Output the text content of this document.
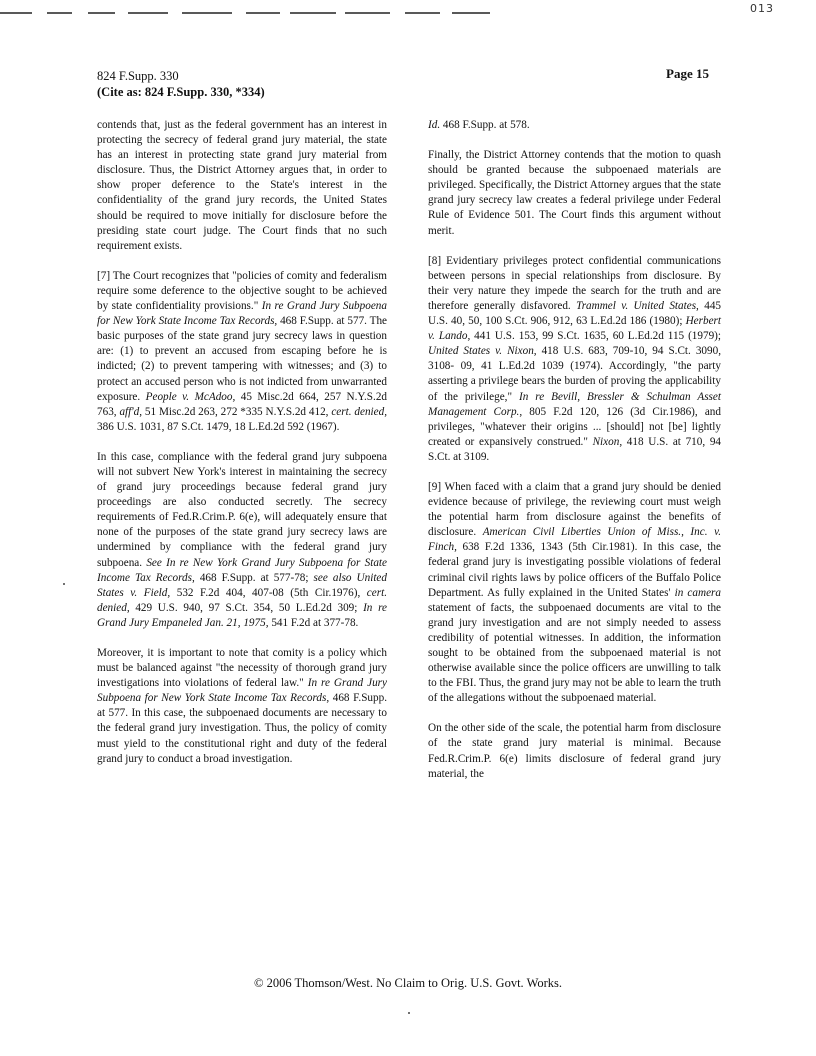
013
824 F.Supp. 330
(Cite as: 824 F.Supp. 330, *334)
Page 15

contends that, just as the federal government has an interest in protecting the secrecy of federal grand jury material, the state has an interest in protecting state grand jury material from disclosure. Thus, the District Attorney argues that, in order to show proper deference to the State's interest in the confidentiality of the grand jury records, the United States should be required to move initially for disclosure before the presiding state court judge. The Court finds that no such requirement exists.

[7] The Court recognizes that "policies of comity and federalism require some deference to the objective sought to be achieved by state confidentiality provisions." In re Grand Jury Subpoena for New York State Income Tax Records, 468 F.Supp. at 577. The basic purposes of the state grand jury secrecy laws in question are: (1) to prevent an accused from escaping before he is indicted; (2) to prevent tampering with witnesses; and (3) to protect an accused person who is not indicted from unwarranted exposure. People v. McAdoo, 45 Misc.2d 664, 257 N.Y.S.2d 763, aff'd, 51 Misc.2d 263, 272 *335 N.Y.S.2d 412, cert. denied, 386 U.S. 1031, 87 S.Ct. 1479, 18 L.Ed.2d 592 (1967).

In this case, compliance with the federal grand jury subpoena will not subvert New York's interest in maintaining the secrecy of grand jury proceedings because federal grand jury proceedings are also conducted secretly. The secrecy requirements of Fed.R.Crim.P. 6(e), will adequately ensure that none of the purposes of the state grand jury secrecy laws are undermined by compliance with the federal grand jury subpoena. See In re New York Grand Jury Subpoena for State Income Tax Records, 468 F.Supp. at 577-78; see also United States v. Field, 532 F.2d 404, 407-08 (5th Cir.1976), cert. denied, 429 U.S. 940, 97 S.Ct. 354, 50 L.Ed.2d 309; In re Grand Jury Empaneled Jan. 21, 1975, 541 F.2d at 377-78.

Moreover, it is important to note that comity is a policy which must be balanced against "the necessity of thorough grand jury investigations into violations of federal law." In re Grand Jury Subpoena for New York State Income Tax Records, 468 F.Supp. at 577. In this case, the subpoenaed documents are necessary to the federal grand jury investigation. Thus, the policy of comity must yield to the constitutional right and duty of the federal grand jury to conduct a broad investigation.

Id. 468 F.Supp. at 578.

Finally, the District Attorney contends that the motion to quash should be granted because the subpoenaed materials are privileged. Specifically, the District Attorney argues that the state grand jury secrecy law creates a federal privilege under Federal Rule of Evidence 501. The Court finds this argument without merit.

[8] Evidentiary privileges protect confidential communications between persons in special relationships from disclosure. By their very nature they impede the search for the truth and are therefore generally disfavored. Trammel v. United States, 445 U.S. 40, 50, 100 S.Ct. 906, 912, 63 L.Ed.2d 186 (1980); Herbert v. Lando, 441 U.S. 153, 99 S.Ct. 1635, 60 L.Ed.2d 115 (1979); United States v. Nixon, 418 U.S. 683, 709-10, 94 S.Ct. 3090, 3108- 09, 41 L.Ed.2d 1039 (1974). Accordingly, "the party asserting a privilege bears the burden of proving the applicability of the privilege," In re Bevill, Bressler & Schulman Asset Management Corp., 805 F.2d 120, 126 (3d Cir.1986), and privileges, "whatever their origins ... [should] not [be] lightly created or expansively construed." Nixon, 418 U.S. at 710, 94 S.Ct. at 3109.

[9] When faced with a claim that a grand jury should be denied evidence because of privilege, the reviewing court must weigh the potential harm from disclosure against the benefits of disclosure. American Civil Liberties Union of Miss., Inc. v. Finch, 638 F.2d 1336, 1343 (5th Cir.1981). In this case, the federal grand jury is investigating possible violations of federal criminal civil rights laws by police officers of the Buffalo Police Department. As fully explained in the United States' in camera statement of facts, the subpoenaed documents are vital to the grand jury investigation and are not simply needed to assess credibility of potential witnesses. In addition, the information sought to be obtained from the subpoenaed material is not otherwise available since the police officers are unwilling to talk to the FBI. Thus, the grand jury may not be able to learn the truth of the allegations without the subpoenaed material.

On the other side of the scale, the potential harm from disclosure of the state grand jury material is minimal. Because Fed.R.Crim.P. 6(e) limits disclosure of federal grand jury material, the

© 2006 Thomson/West. No Claim to Orig. U.S. Govt. Works.
